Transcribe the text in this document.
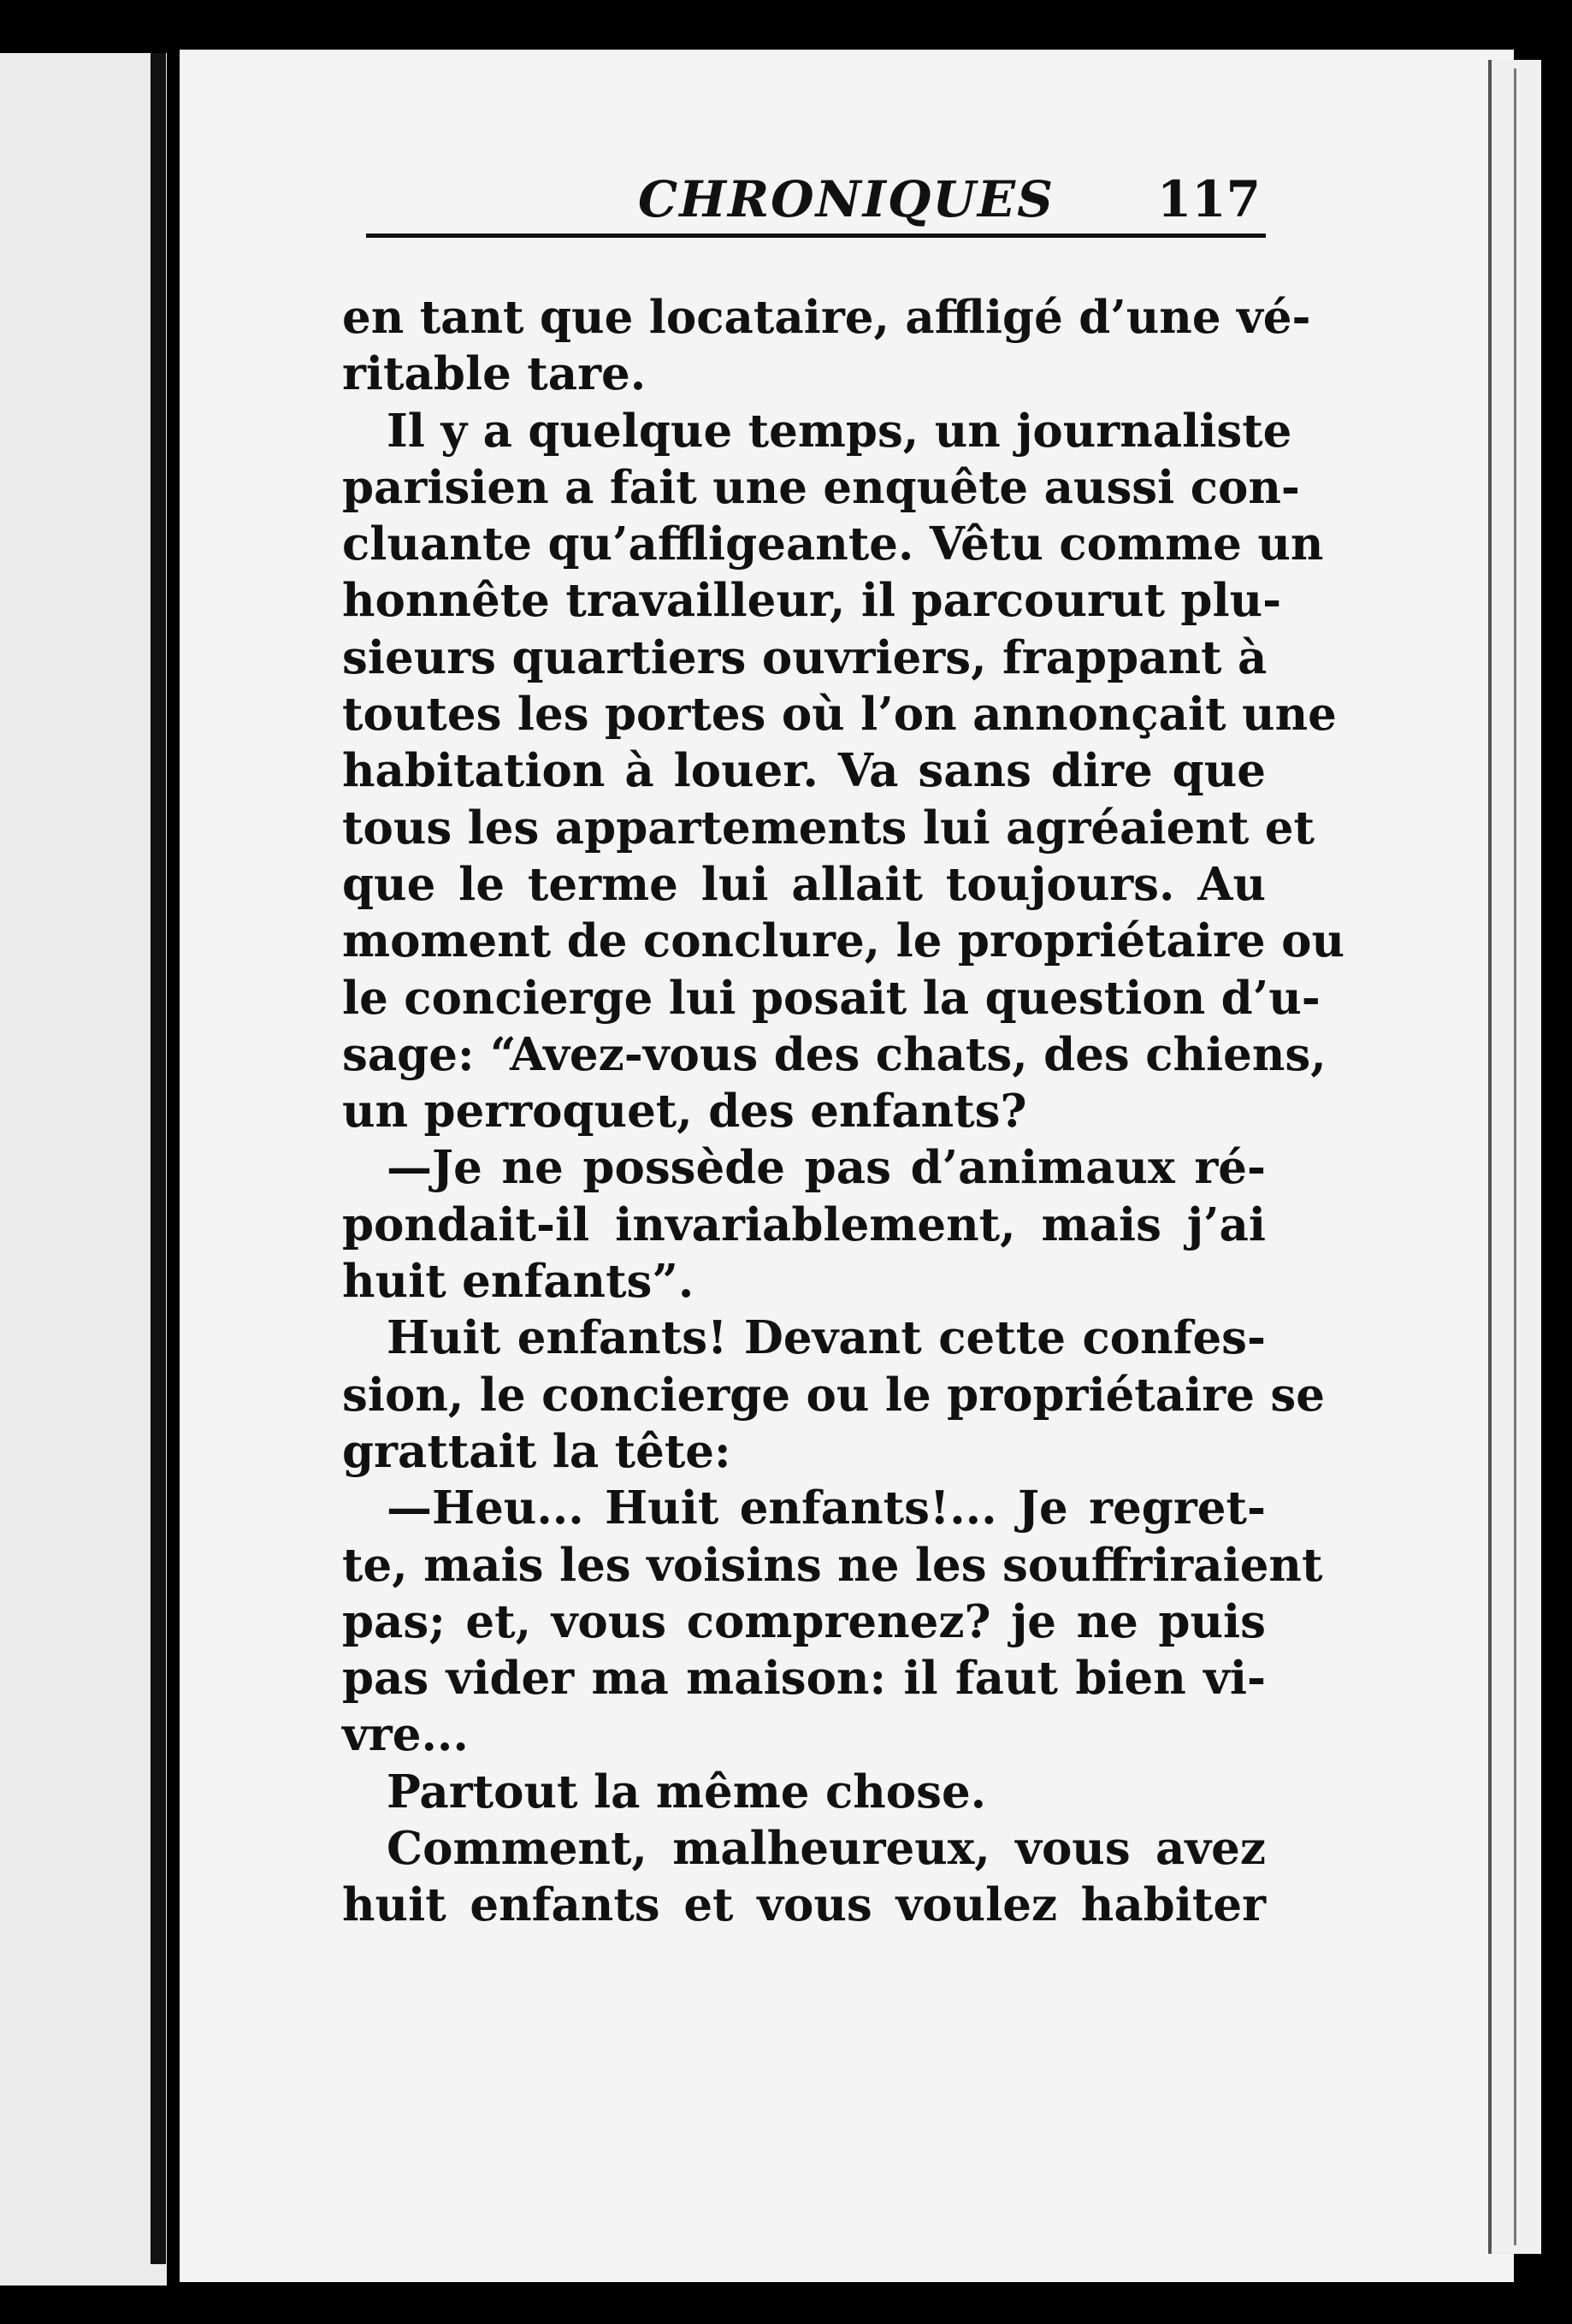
CHRONIQUES 117
en tant que locataire, affligé d’une vé-
ritable tare.
Il y a quelque temps, un journaliste
parisien a fait une enquête aussi con-
cluante qu’affligeante. Vêtu comme un
honnête travailleur, il parcourut plu-
sieurs quartiers ouvriers, frappant à
toutes les portes où l’on annonçait une
habitation à louer. Va sans dire que
tous les appartements lui agréaient et
que le terme lui allait toujours. Au
moment de conclure, le propriétaire ou
le concierge lui posait la question d’u-
sage: “Avez-vous des chats, des chiens,
un perroquet, des enfants?
—Je ne possède pas d’animaux ré-
pondait-il invariablement, mais j’ai
huit enfants”.
Huit enfants! Devant cette confes-
sion, le concierge ou le propriétaire se
grattait la tête:
—Heu... Huit enfants!... Je regret-
te, mais les voisins ne les souffriraient
pas; et, vous comprenez? je ne puis
pas vider ma maison: il faut bien vi-
vre...
Partout la même chose.
Comment, malheureux, vous avez
huit enfants et vous voulez habiter
